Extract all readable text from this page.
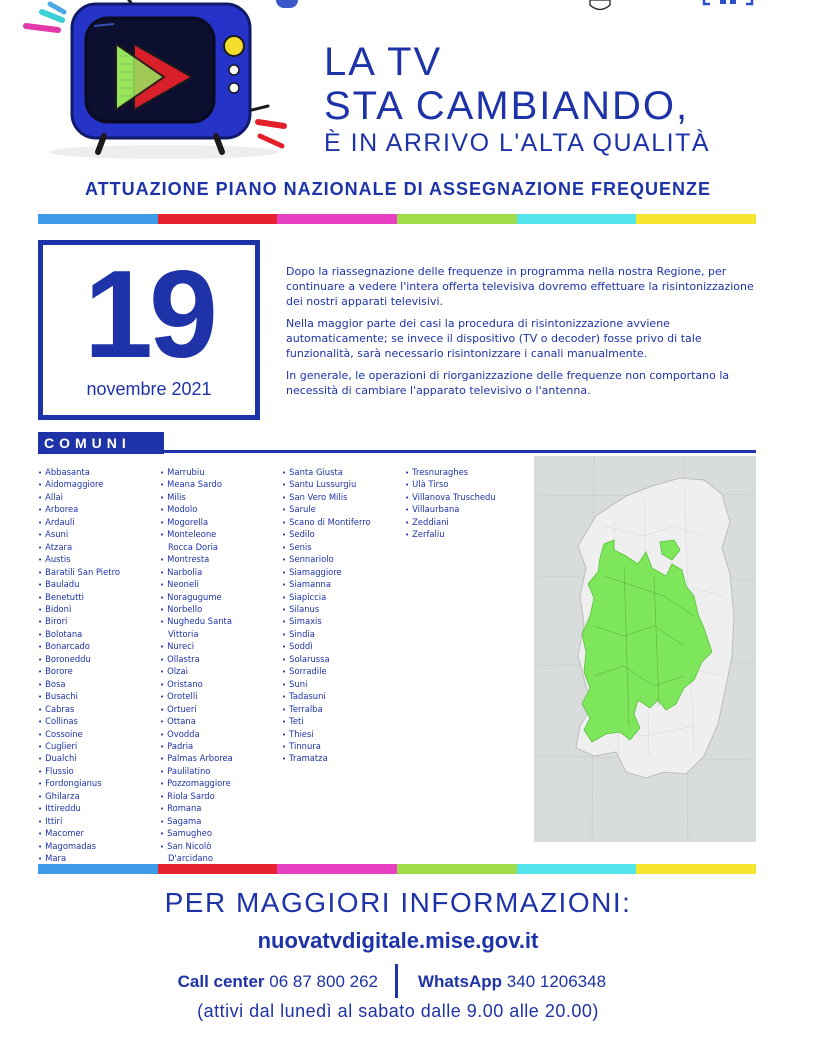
LA TV
STA CAMBIANDO,
È IN ARRIVO L'ALTA QUALITÀ
ATTUAZIONE PIANO NAZIONALE DI ASSEGNAZIONE FREQUENZE
19
novembre 2021

Dopo la riassegnazione delle frequenze in programma nella nostra Regione, per continuare a vedere l'intera offerta televisiva dovremo effettuare la risintonizzazione dei nostri apparati televisivi.

Nella maggior parte dei casi la procedura di risintonizzazione avviene automaticamente; se invece il dispositivo (TV o decoder) fosse privo di tale funzionalità, sarà necessario risintonizzare i canali manualmente.

In generale, le operazioni di riorganizzazione delle frequenze non comportano la necessità di cambiare l'apparato televisivo o l'antenna.

COMUNI
• Abbasanta
• Aidomaggiore
• Allai
• Arborea
• Ardauli
• Asuni
• Atzara
• Austis
• Baratili San Pietro
• Bauladu
• Benetutti
• Bidonì
• Birori
• Bolotana
• Bonarcado
• Boroneddu
• Borore
• Bosa
• Busachi
• Cabras
• Collinas
• Cossoine
• Cuglieri
• Dualchi
• Flussio
• Fordongianus
• Ghilarza
• Ittireddu
• Ittiri
• Macomer
• Magomadas
• Mara
• Marrubiu
• Meana Sardo
• Milis
• Modolo
• Mogorella
• Monteleone
Rocca Doria
• Montresta
• Narbolia
• Neoneli
• Noragugume
• Norbello
• Nughedu Santa
Vittoria
• Nureci
• Ollastra
• Olzai
• Oristano
• Orotelli
• Ortueri
• Ottana
• Ovodda
• Padria
• Palmas Arborea
• Paulilatino
• Pozzomaggiore
• Riola Sardo
• Romana
• Sagama
• Samugheo
• San Nicolò
D'arcidano
• Santa Giusta
• Santu Lussurgiu
• San Vero Milis
• Sarule
• Scano di Montiferro
• Sedilo
• Senis
• Sennariolo
• Siamaggiore
• Siamanna
• Siapiccia
• Silanus
• Simaxis
• Sindia
• Soddì
• Solarussa
• Sorradile
• Suni
• Tadasuni
• Terralba
• Teti
• Thiesi
• Tinnura
• Tramatza
• Tresnuraghes
• Ulà Tirso
• Villanova Truschedu
• Villaurbana
• Zeddiani
• Zerfaliu
PER MAGGIORI INFORMAZIONI:
nuovatvdigitale.mise.gov.it
Call center 06 87 800 262 WhatsApp 340 1206348
(attivi dal lunedì al sabato dalle 9.00 alle 20.00)
